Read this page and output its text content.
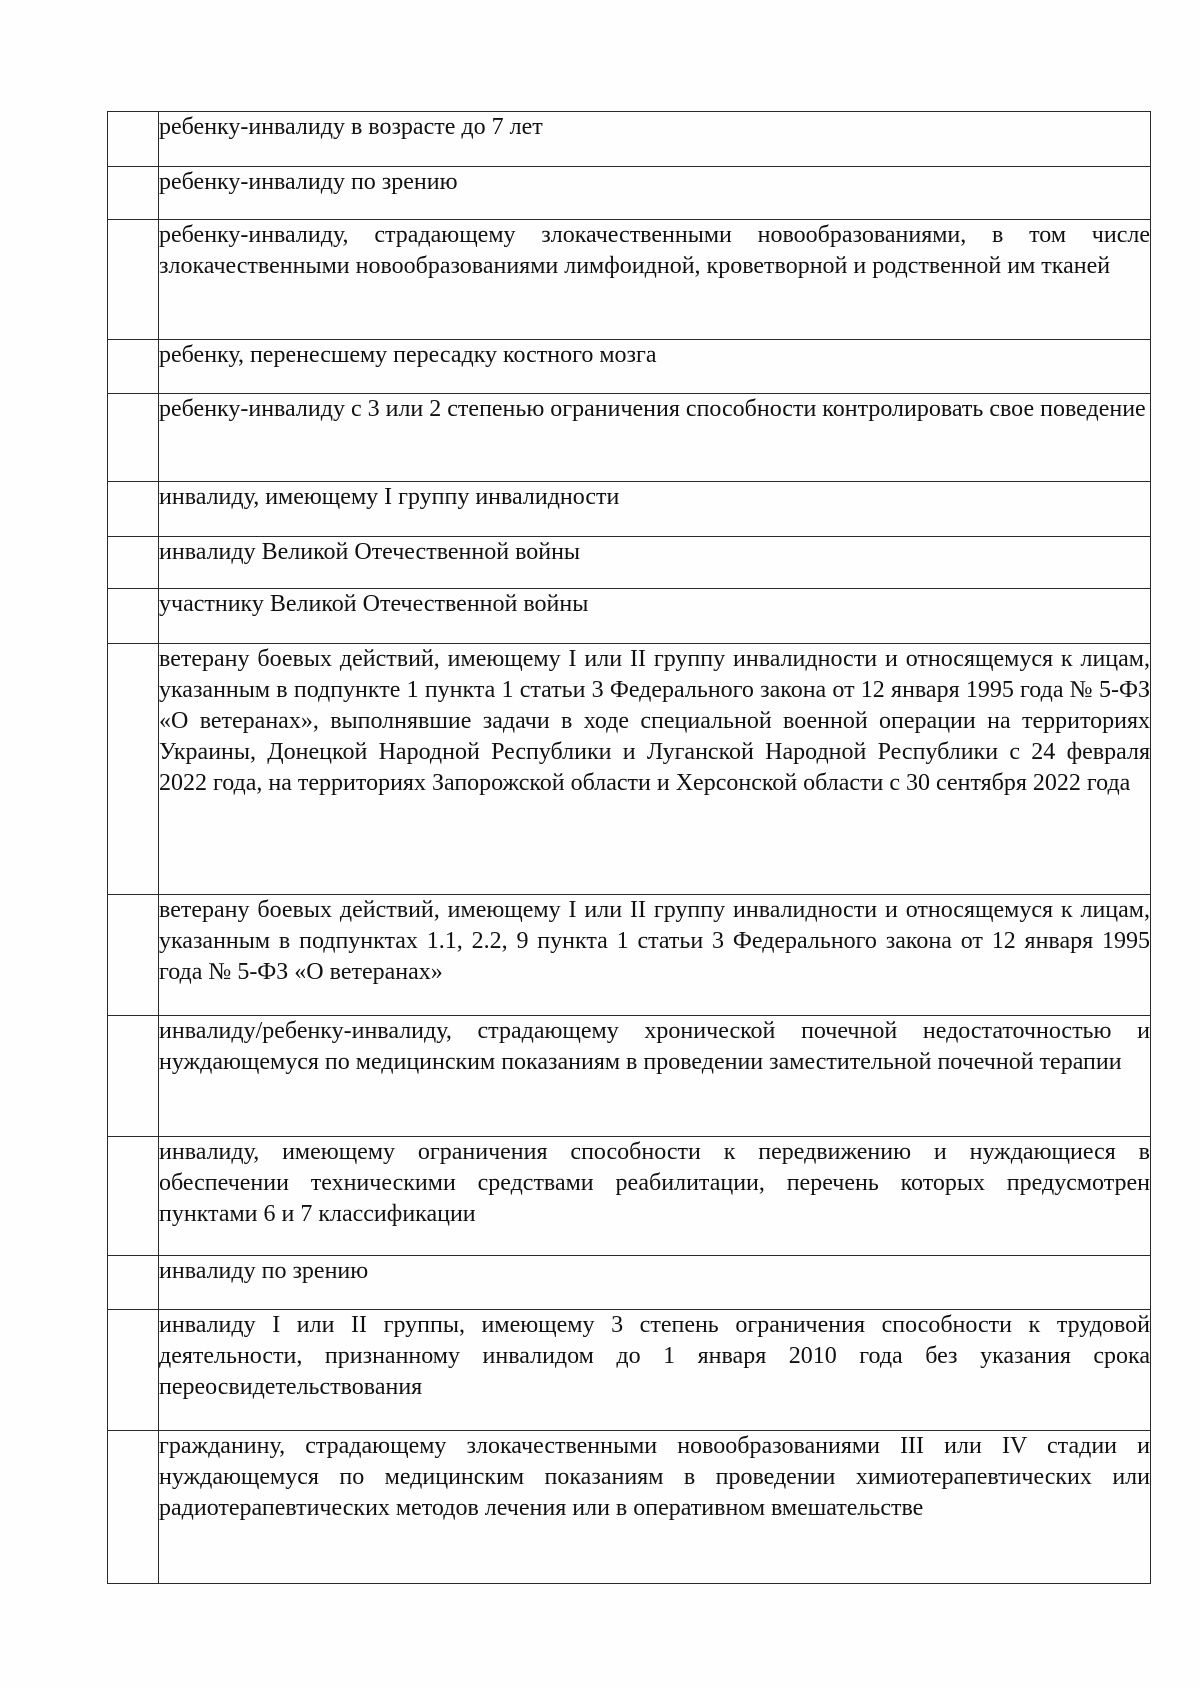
	ребенку-инвалиду в возрасте до 7 лет
	ребенку-инвалиду по зрению
	ребенку-инвалиду, страдающему злокачественными новообразованиями, в том числе злокачественными новообразованиями лимфоидной, кроветворной и родственной им тканей
	ребенку, перенесшему пересадку костного мозга
	ребенку-инвалиду с 3 или 2 степенью ограничения способности контролировать свое поведение
	инвалиду, имеющему I группу инвалидности
	инвалиду Великой Отечественной войны
	участнику Великой Отечественной войны
	ветерану боевых действий, имеющему I или II группу инвалидности и относящемуся к лицам, указанным в подпункте 1 пункта 1 статьи 3 Федерального закона от 12 января 1995 года № 5-ФЗ «О ветеранах», выполнявшие задачи в ходе специальной военной операции на территориях Украины, Донецкой Народной Республики и Луганской Народной Республики с 24 февраля 2022 года, на территориях Запорожской области и Херсонской области с 30 сентября 2022 года
	ветерану боевых действий, имеющему I или II группу инвалидности и относящемуся к лицам, указанным в подпунктах 1.1, 2.2, 9 пункта 1 статьи 3 Федерального закона от 12 января 1995 года № 5-ФЗ «О ветеранах»
	инвалиду/ребенку-инвалиду, страдающему хронической почечной недостаточностью и нуждающемуся по медицинским показаниям в проведении заместительной почечной терапии
	инвалиду, имеющему ограничения способности к передвижению и нуждающиеся в обеспечении техническими средствами реабилитации, перечень которых предусмотрен пунктами 6 и 7 классификации
	инвалиду по зрению
	инвалиду I или II группы, имеющему 3 степень ограничения способности к трудовой деятельности, признанному инвалидом до 1 января 2010 года без указания срока переосвидетельствования
	гражданину, страдающему злокачественными новообразованиями III или IV стадии и нуждающемуся по медицинским показаниям в проведении химиотерапевтических или радиотерапевтических методов лечения или в оперативном вмешательстве
